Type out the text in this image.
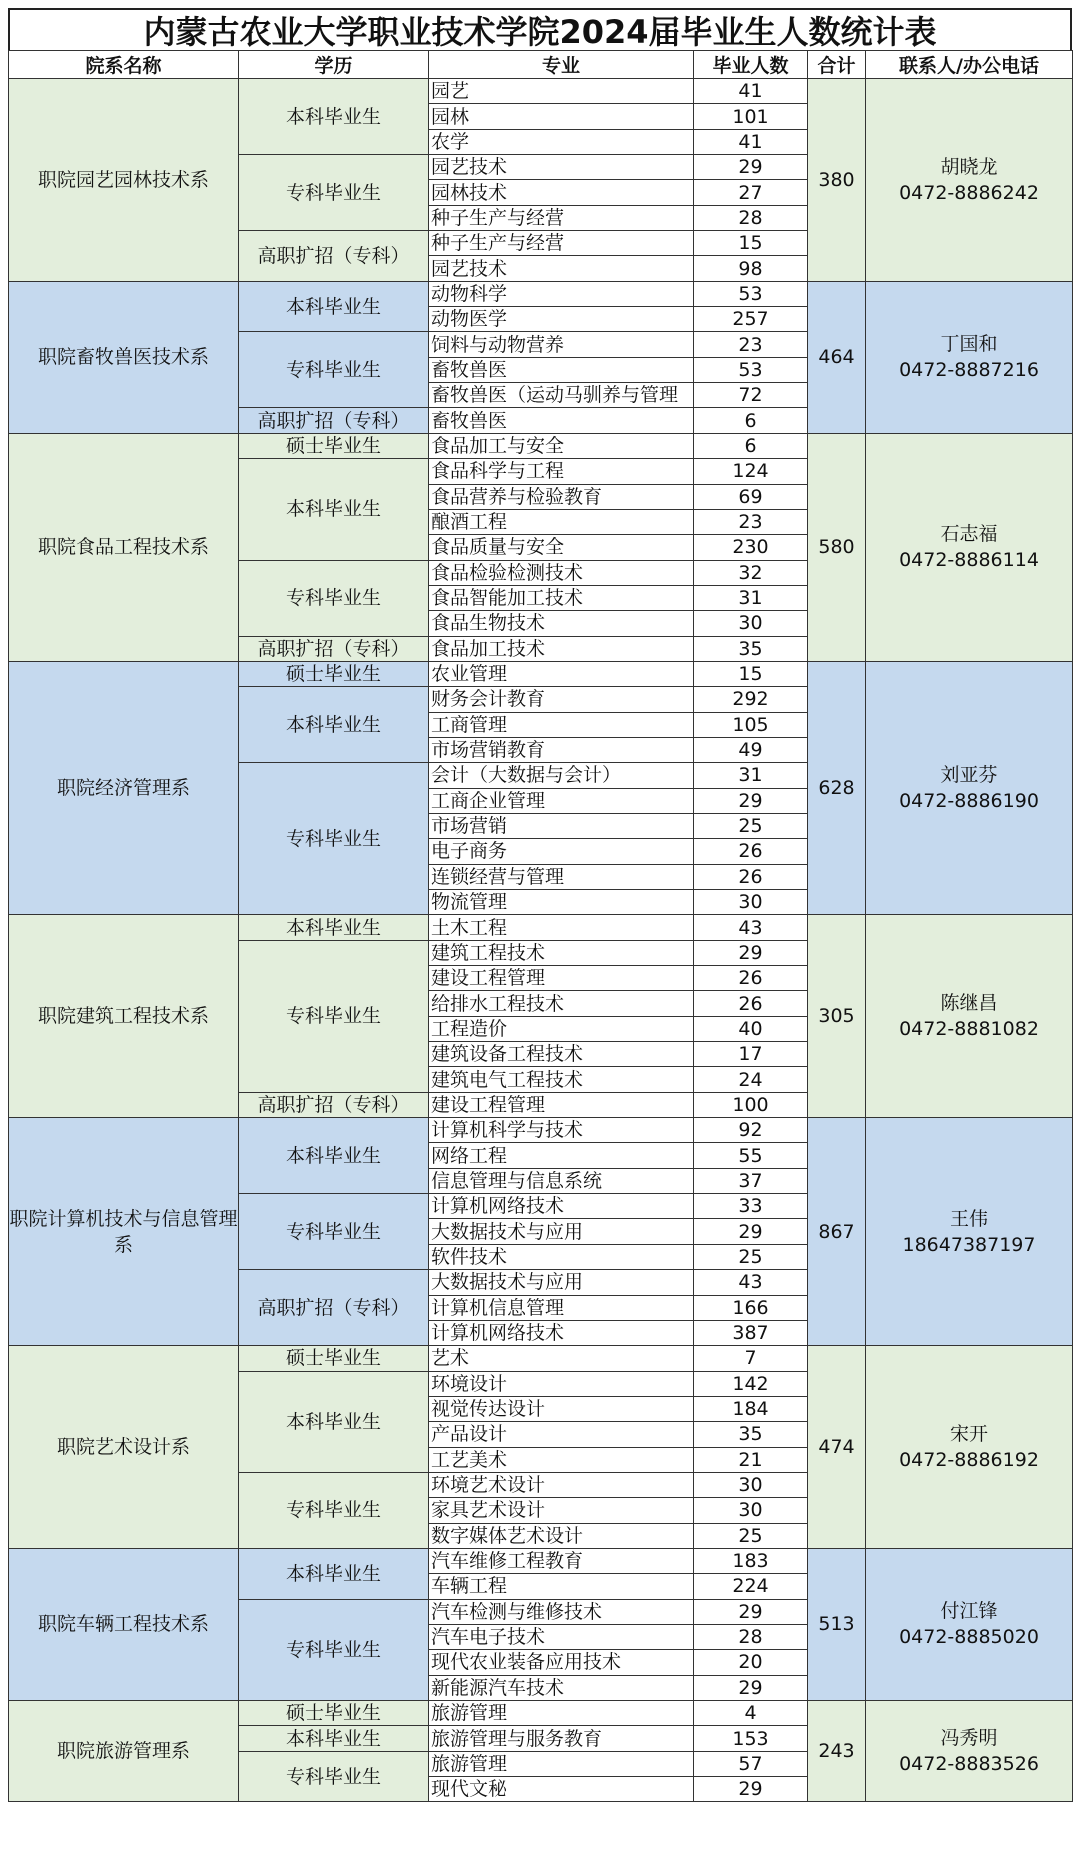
内蒙古农业大学职业技术学院2024届毕业生人数统计表
院系名称	学历	专业	毕业人数	合计	联系人/办公电话
职院园艺园林技术系	本科毕业生	园艺	41	380	胡晓龙
0472-8886242

		园林	101		
		农学	41		
	专科毕业生	园艺技术	29		
		园林技术	27		
		种子生产与经营	28		
	高职扩招（专科）	种子生产与经营	15		
		园艺技术	98		
职院畜牧兽医技术系	本科毕业生	动物科学	53	464	丁国和
0472-8887216

		动物医学	257		
	专科毕业生	饲料与动物营养	23		
		畜牧兽医	53		
		畜牧兽医（运动马驯养与管理	72		
	高职扩招（专科）	畜牧兽医	6		
职院食品工程技术系	硕士毕业生	食品加工与安全	6	580	石志福
0472-8886114

	本科毕业生	食品科学与工程	124		
		食品营养与检验教育	69		
		酿酒工程	23		
		食品质量与安全	230		
	专科毕业生	食品检验检测技术	32		
		食品智能加工技术	31		
		食品生物技术	30		
	高职扩招（专科）	食品加工技术	35		
职院经济管理系	硕士毕业生	农业管理	15	628	刘亚芬
0472-8886190

	本科毕业生	财务会计教育	292		
		工商管理	105		
		市场营销教育	49		
	专科毕业生	会计（大数据与会计）	31		
		工商企业管理	29		
		市场营销	25		
		电子商务	26		
		连锁经营与管理	26		
		物流管理	30		
职院建筑工程技术系	本科毕业生	土木工程	43	305	陈继昌
0472-8881082

	专科毕业生	建筑工程技术	29		
		建设工程管理	26		
		给排水工程技术	26		
		工程造价	40		
		建筑设备工程技术	17		
		建筑电气工程技术	24		
	高职扩招（专科）	建设工程管理	100		
职院计算机技术与信息管理系	本科毕业生	计算机科学与技术	92	867	王伟
18647387197

		网络工程	55		
		信息管理与信息系统	37		
	专科毕业生	计算机网络技术	33		
		大数据技术与应用	29		
		软件技术	25		
	高职扩招（专科）	大数据技术与应用	43		
		计算机信息管理	166		
		计算机网络技术	387		
职院艺术设计系	硕士毕业生	艺术	7	474	宋开
0472-8886192

	本科毕业生	环境设计	142		
		视觉传达设计	184		
		产品设计	35		
		工艺美术	21		
	专科毕业生	环境艺术设计	30		
		家具艺术设计	30		
		数字媒体艺术设计	25		
职院车辆工程技术系	本科毕业生	汽车维修工程教育	183	513	付江锋
0472-8885020

		车辆工程	224		
	专科毕业生	汽车检测与维修技术	29		
		汽车电子技术	28		
		现代农业装备应用技术	20		
		新能源汽车技术	29		
职院旅游管理系	硕士毕业生	旅游管理	4	243	冯秀明
0472-8883526

	本科毕业生	旅游管理与服务教育	153		
	专科毕业生	旅游管理	57		
		现代文秘	29		
